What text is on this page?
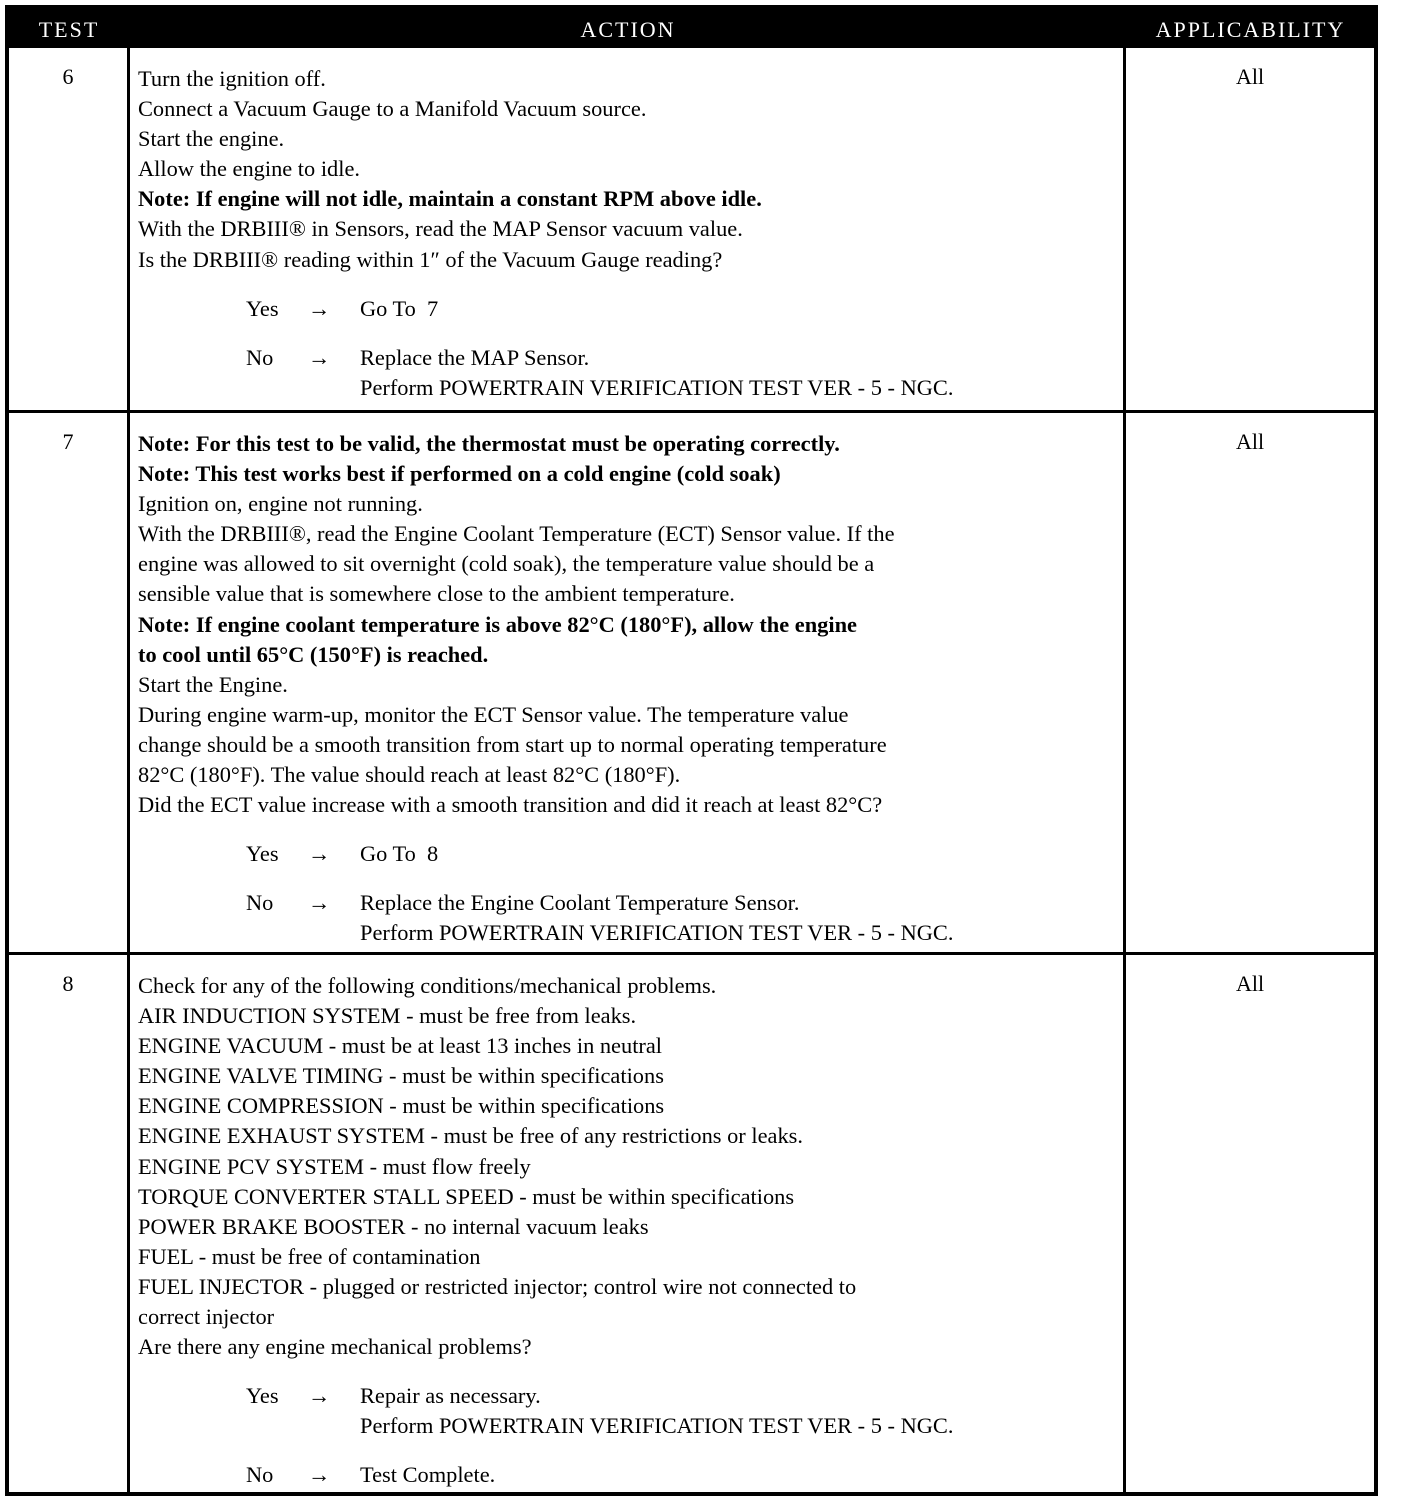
TEST	ACTION	APPLICABILITY
6	Turn the ignition off.
Connect a Vacuum Gauge to a Manifold Vacuum source.
Start the engine.
Allow the engine to idle.
Note: If engine will not idle, maintain a constant RPM above idle.
With the DRBIII® in Sensors, read the MAP Sensor vacuum value.
Is the DRBIII® reading within 1″ of the Vacuum Gauge reading?
Yes → Go To  7
No → Replace the MAP Sensor.
Perform POWERTRAIN VERIFICATION TEST VER - 5 - NGC.
All
7	Note: For this test to be valid, the thermostat must be operating correctly.
Note: This test works best if performed on a cold engine (cold soak)
Ignition on, engine not running.
With the DRBIII®, read the Engine Coolant Temperature (ECT) Sensor value. If the
engine was allowed to sit overnight (cold soak), the temperature value should be a
sensible value that is somewhere close to the ambient temperature.
Note: If engine coolant temperature is above 82°C (180°F), allow the engine
to cool until 65°C (150°F) is reached.
Start the Engine.
During engine warm-up, monitor the ECT Sensor value. The temperature value
change should be a smooth transition from start up to normal operating temperature
82°C (180°F). The value should reach at least 82°C (180°F).
Did the ECT value increase with a smooth transition and did it reach at least 82°C?
Yes → Go To  8
No → Replace the Engine Coolant Temperature Sensor.
Perform POWERTRAIN VERIFICATION TEST VER - 5 - NGC.
All
8	Check for any of the following conditions/mechanical problems.
AIR INDUCTION SYSTEM - must be free from leaks.
ENGINE VACUUM - must be at least 13 inches in neutral
ENGINE VALVE TIMING - must be within specifications
ENGINE COMPRESSION - must be within specifications
ENGINE EXHAUST SYSTEM - must be free of any restrictions or leaks.
ENGINE PCV SYSTEM - must flow freely
TORQUE CONVERTER STALL SPEED - must be within specifications
POWER BRAKE BOOSTER - no internal vacuum leaks
FUEL - must be free of contamination
FUEL INJECTOR - plugged or restricted injector; control wire not connected to
correct injector
Are there any engine mechanical problems?
Yes → Repair as necessary.
Perform POWERTRAIN VERIFICATION TEST VER - 5 - NGC.
No → Test Complete.
All
